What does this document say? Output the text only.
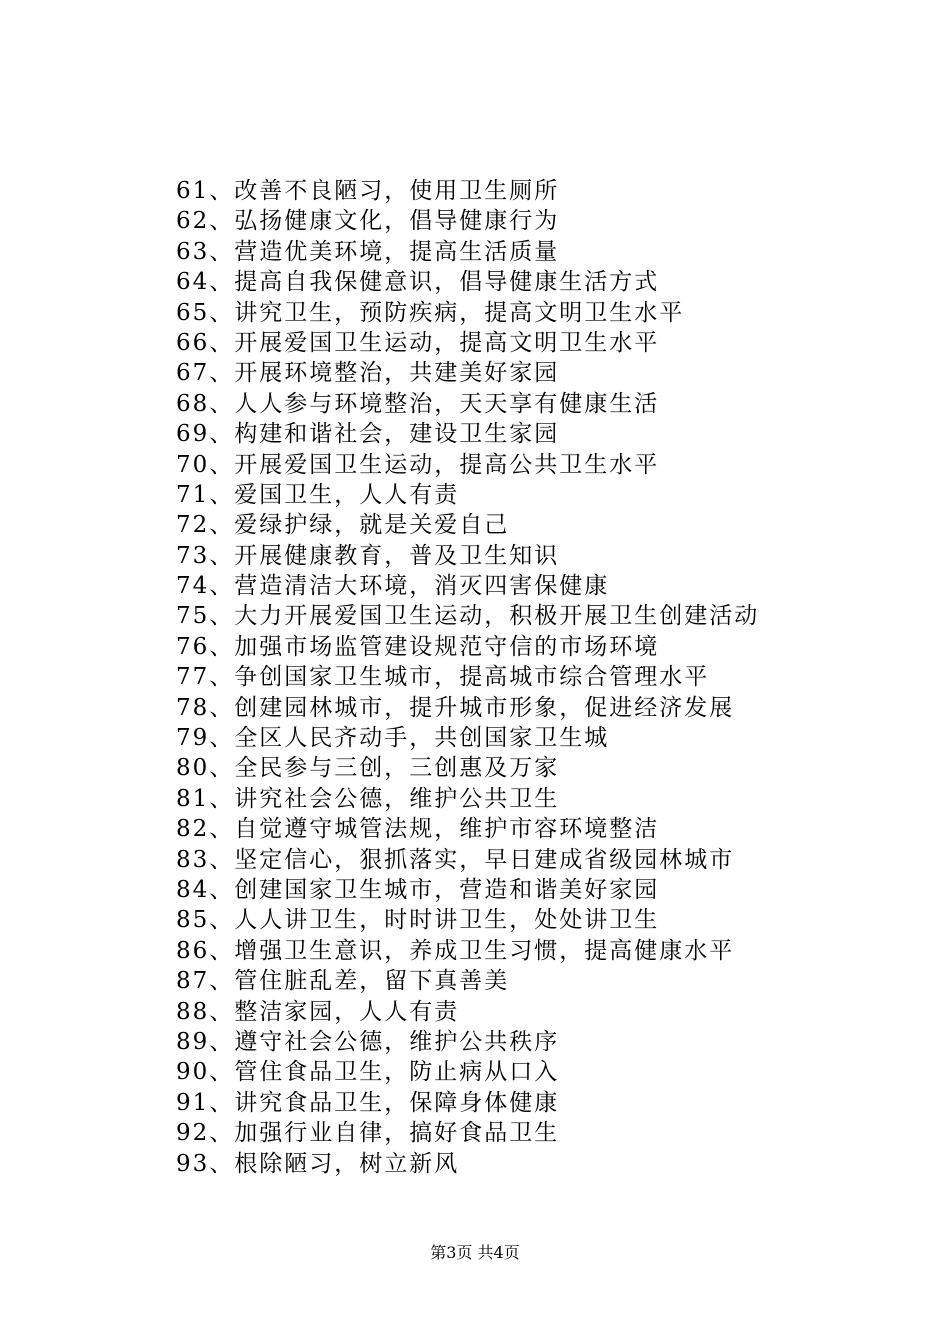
61、改善不良陋习，使用卫生厕所
62、弘扬健康文化，倡导健康行为
63、营造优美环境，提高生活质量
64、提高自我保健意识，倡导健康生活方式
65、讲究卫生，预防疾病，提高文明卫生水平
66、开展爱国卫生运动，提高文明卫生水平
67、开展环境整治，共建美好家园
68、人人参与环境整治，天天享有健康生活
69、构建和谐社会，建设卫生家园
70、开展爱国卫生运动，提高公共卫生水平
71、爱国卫生，人人有责
72、爱绿护绿，就是关爱自己
73、开展健康教育，普及卫生知识
74、营造清洁大环境，消灭四害保健康
75、大力开展爱国卫生运动，积极开展卫生创建活动
76、加强市场监管建设规范守信的市场环境
77、争创国家卫生城市，提高城市综合管理水平
78、创建园林城市，提升城市形象，促进经济发展
79、全区人民齐动手，共创国家卫生城
80、全民参与三创，三创惠及万家
81、讲究社会公德，维护公共卫生
82、自觉遵守城管法规，维护市容环境整洁
83、坚定信心，狠抓落实，早日建成省级园林城市
84、创建国家卫生城市，营造和谐美好家园
85、人人讲卫生，时时讲卫生，处处讲卫生
86、增强卫生意识，养成卫生习惯，提高健康水平
87、管住脏乱差，留下真善美
88、整洁家园，人人有责
89、遵守社会公德，维护公共秩序
90、管住食品卫生，防止病从口入
91、讲究食品卫生，保障身体健康
92、加强行业自律，搞好食品卫生
93、根除陋习，树立新风
第3页 共4页
